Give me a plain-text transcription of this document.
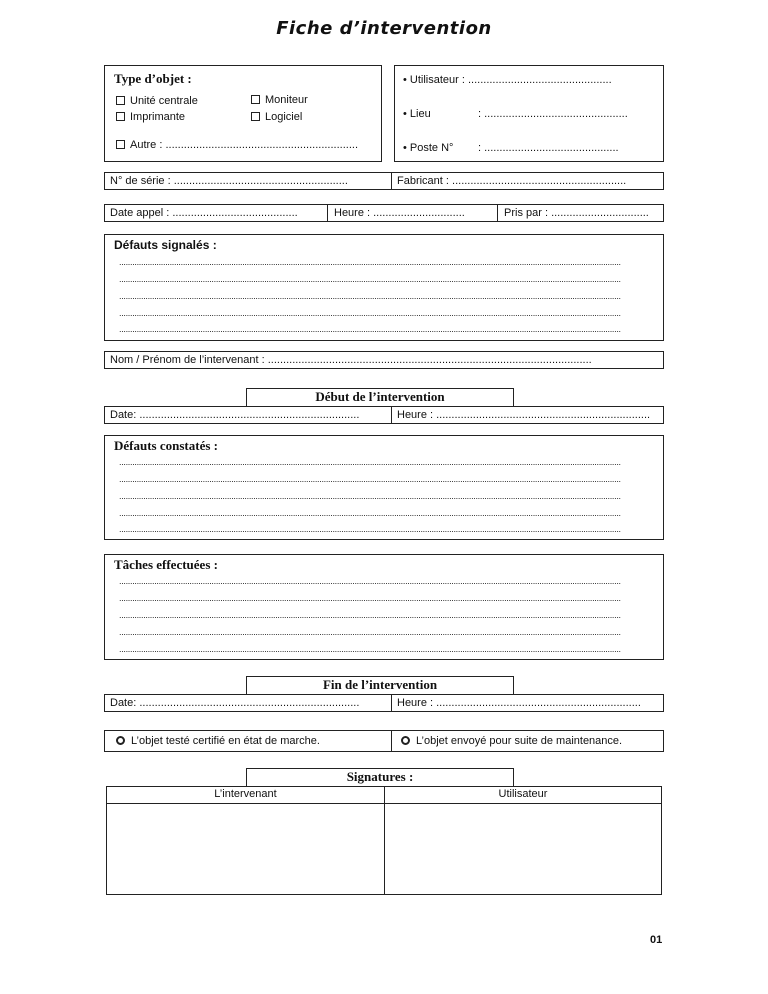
Fiche d’intervention
Type d’objet :
Unité centrale	Moniteur
Imprimante	Logiciel
Autre : ...............................................................
• Utilisateur : ...............................................
• Lieu	: ...............................................
• Poste N° : ............................................
N° de série : .........................................................	Fabricant : .........................................................
Date appel : .........................................	Heure : ..............................	Pris par : ................................
Défauts signalés :
....................................................................................................................................................................................................................................
....................................................................................................................................................................................................................................
....................................................................................................................................................................................................................................
....................................................................................................................................................................................................................................
....................................................................................................................................................................................................................................
Nom / Prénom de l’intervenant : ..........................................................................................................
Début de l’intervention
Date: ........................................................................	Heure : ......................................................................
Défauts constatés :
....................................................................................................................................................................................................................................
....................................................................................................................................................................................................................................
....................................................................................................................................................................................................................................
....................................................................................................................................................................................................................................
....................................................................................................................................................................................................................................
Tâches effectuées :
....................................................................................................................................................................................................................................
....................................................................................................................................................................................................................................
....................................................................................................................................................................................................................................
....................................................................................................................................................................................................................................
....................................................................................................................................................................................................................................
Fin de l’intervention
Date: ........................................................................	Heure : ...................................................................
L’objet testé certifié en état de marche.	L’objet envoyé pour suite de maintenance.
Signatures :
L’intervenant	Utilisateur
01
